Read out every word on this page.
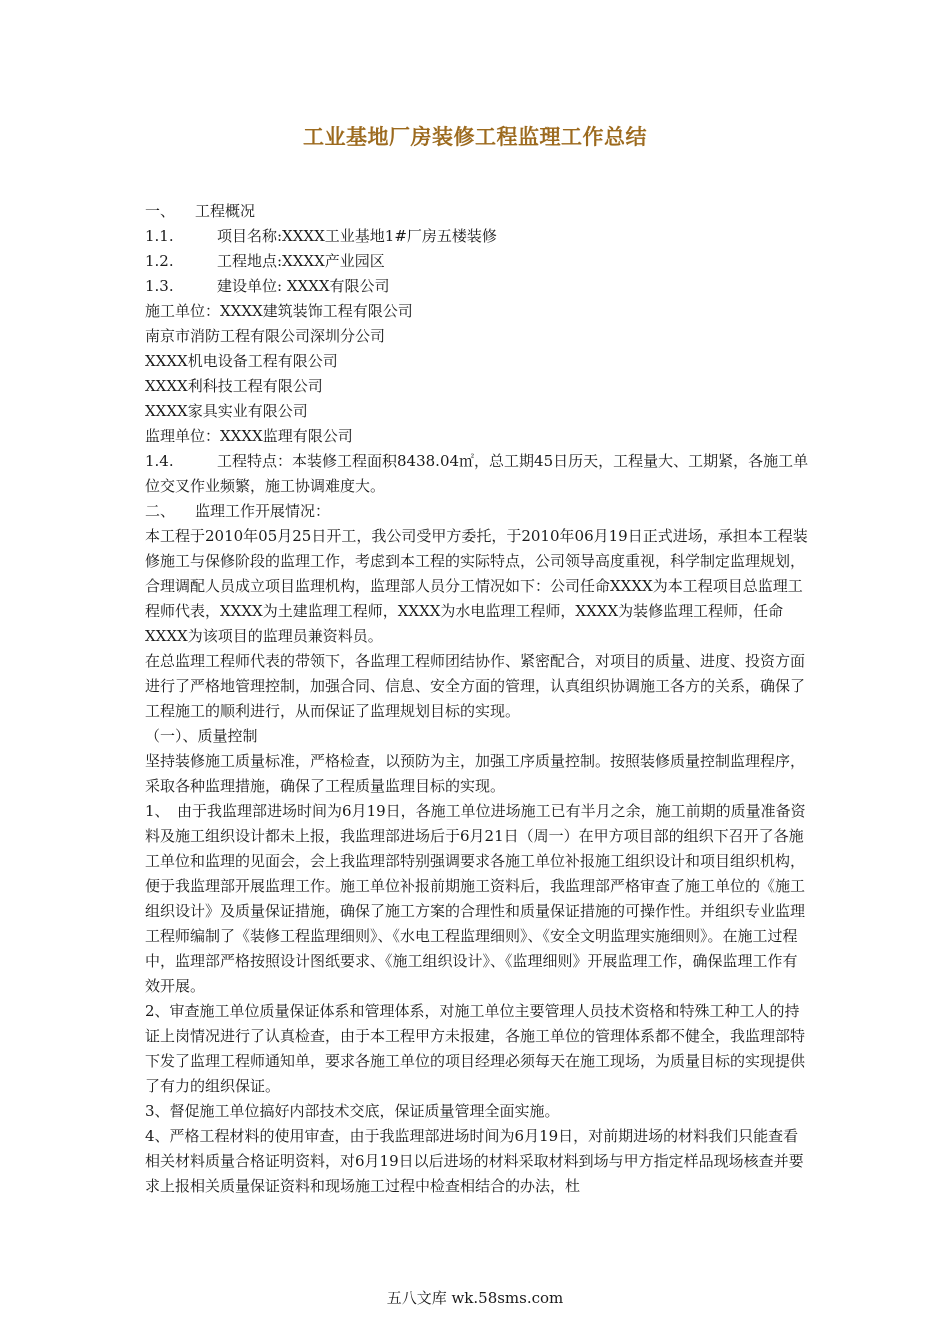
工业基地厂房装修工程监理工作总结

一、 工程概况

1.1.	项目名称:XXXX工业基地1#厂房五楼装修

1.2.	工程地点:XXXX产业园区

1.3.	建设单位: XXXX有限公司

施工单位：XXXX建筑装饰工程有限公司

南京市消防工程有限公司深圳分公司

XXXX机电设备工程有限公司

XXXX利科技工程有限公司

XXXX家具实业有限公司

监理单位：XXXX监理有限公司

1.4.	工程特点：本装修工程面积8438.04㎡，总工期45日历天，工程量大、工期紧，各施工单位交叉作业频繁，施工协调难度大。

二、 监理工作开展情况：

本工程于2010年05月25日开工，我公司受甲方委托，于2010年06月19日正式进场，承担本工程装修施工与保修阶段的监理工作，考虑到本工程的实际特点，公司领导高度重视，科学制定监理规划，合理调配人员成立项目监理机构，监理部人员分工情况如下：公司任命XXXX为本工程项目总监理工程师代表，XXXX为土建监理工程师，XXXX为水电监理工程师，XXXX为装修监理工程师，任命XXXX为该项目的监理员兼资料员。

在总监理工程师代表的带领下，各监理工程师团结协作、紧密配合，对项目的质量、进度、投资方面进行了严格地管理控制，加强合同、信息、安全方面的管理，认真组织协调施工各方的关系，确保了工程施工的顺利进行，从而保证了监理规划目标的实现。

（一）、质量控制

坚持装修施工质量标准，严格检查，以预防为主，加强工序质量控制。按照装修质量控制监理程序，采取各种监理措施，确保了工程质量监理目标的实现。

1、　由于我监理部进场时间为6月19日，各施工单位进场施工已有半月之余，施工前期的质量准备资料及施工组织设计都未上报，我监理部进场后于6月21日（周一）在甲方项目部的组织下召开了各施工单位和监理的见面会，会上我监理部特别强调要求各施工单位补报施工组织设计和项目组织机构，便于我监理部开展监理工作。施工单位补报前期施工资料后，我监理部严格审查了施工单位的《施工组织设计》及质量保证措施，确保了施工方案的合理性和质量保证措施的可操作性。并组织专业监理工程师编制了《装修工程监理细则》、《水电工程监理细则》、《安全文明监理实施细则》。在施工过程中，监理部严格按照设计图纸要求、《施工组织设计》、《监理细则》开展监理工作，确保监理工作有效开展。

2、审查施工单位质量保证体系和管理体系，对施工单位主要管理人员技术资格和特殊工种工人的持证上岗情况进行了认真检查，由于本工程甲方未报建，各施工单位的管理体系都不健全，我监理部特下发了监理工程师通知单，要求各施工单位的项目经理必须每天在施工现场，为质量目标的实现提供了有力的组织保证。

3、督促施工单位搞好内部技术交底，保证质量管理全面实施。

4、严格工程材料的使用审查，由于我监理部进场时间为6月19日，对前期进场的材料我们只能查看相关材料质量合格证明资料，对6月19日以后进场的材料采取材料到场与甲方指定样品现场核查并要求上报相关质量保证资料和现场施工过程中检查相结合的办法，杜

五八文库 wk.58sms.com
